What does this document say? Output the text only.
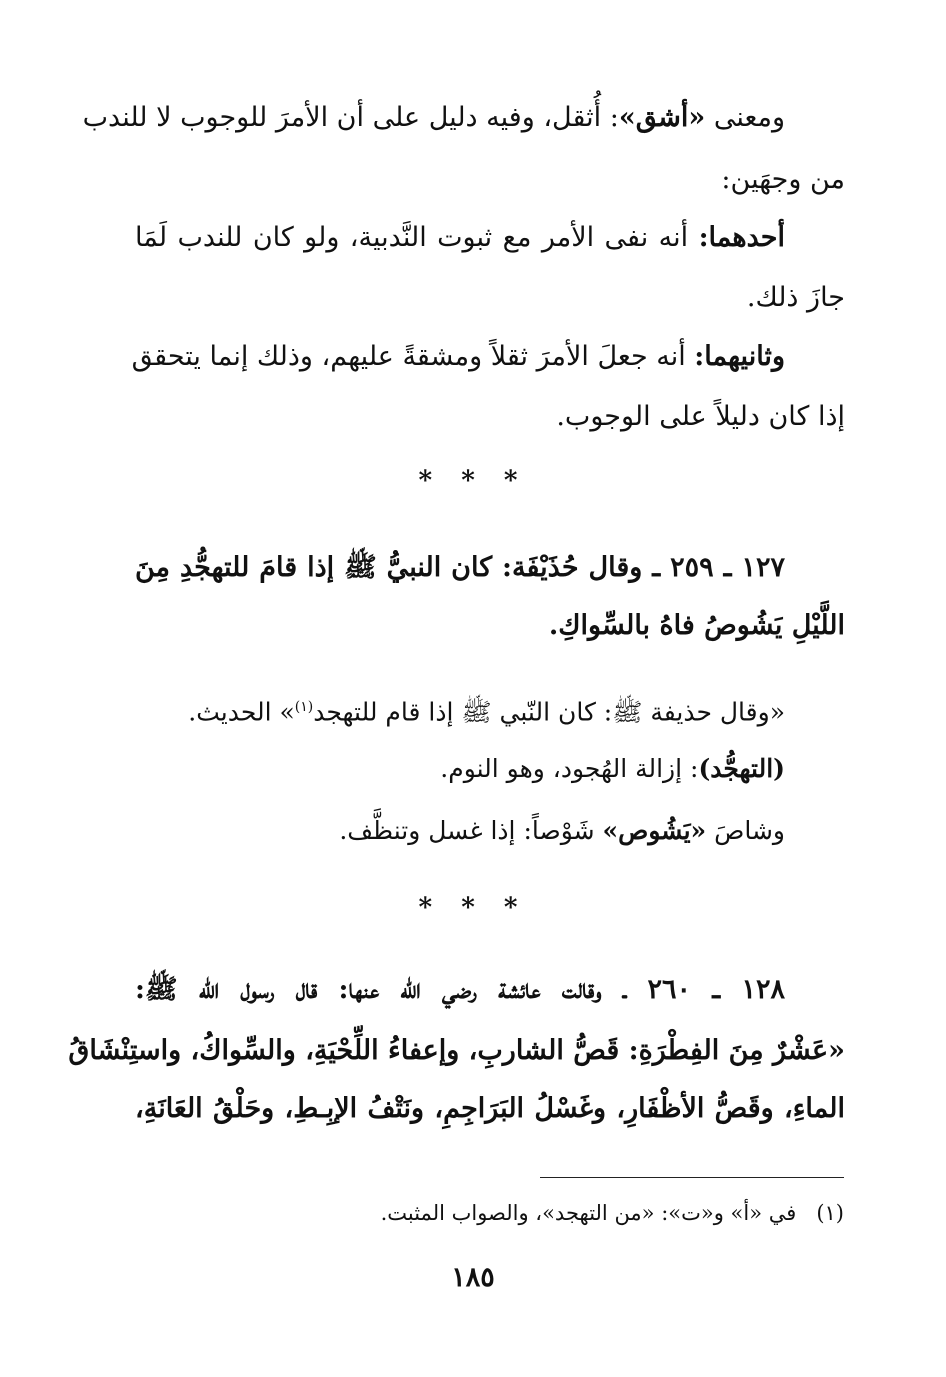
ومعنى «أشق»: أُثقل، وفيه دليل على أن الأمرَ للوجوب لا للندب
من وجهَين:
أحدهما: أنه نفى الأمر مع ثبوت النَّدبية، ولو كان للندب لَمَا
جازَ ذلك.
وثانيهما: أنه جعلَ الأمرَ ثقلاً ومشقةً عليهم، وذلك إنما يتحقق
إذا كان دليلاً على الوجوب.
* * *
١٢٧ ـ ٢٥٩ ـ وقال حُذَيْفَة: كان النبيُّ ﷺ إذا قامَ للتهجُّدِ مِنَ
اللَّيْلِ يَشُوصُ فاهُ بالسِّواكِ.
«وقال حذيفة ﷺ: كان النّبي ﷺ إذا قام للتهجد$^{(١)}$» الحديث.
(التهجُّد): إزالة الهُجود، وهو النوم.
وشاصَ «يَشُوص» شَوْصاً: إذا غسل وتنظَّف.
* * *
١٢٨ ـ ٢٦٠ ـ وقالت عائشة رضي الله عنها: قال رسول الله ﷺ:
«عَشْرٌ مِنَ الفِطْرَةِ: قَصُّ الشاربِ، وإعفاءُ اللِّحْيَةِ، والسِّواكُ، واستِنْشَاقُ
الماءِ، وقَصُّ الأظْفَارِ، وغَسْلُ البَرَاجِمِ، ونَتْفُ الإبِـطِ، وحَلْقُ العَانَةِ،
(١)في «أ» و«ت»: «من التهجد»، والصواب المثبت.
١٨٥
